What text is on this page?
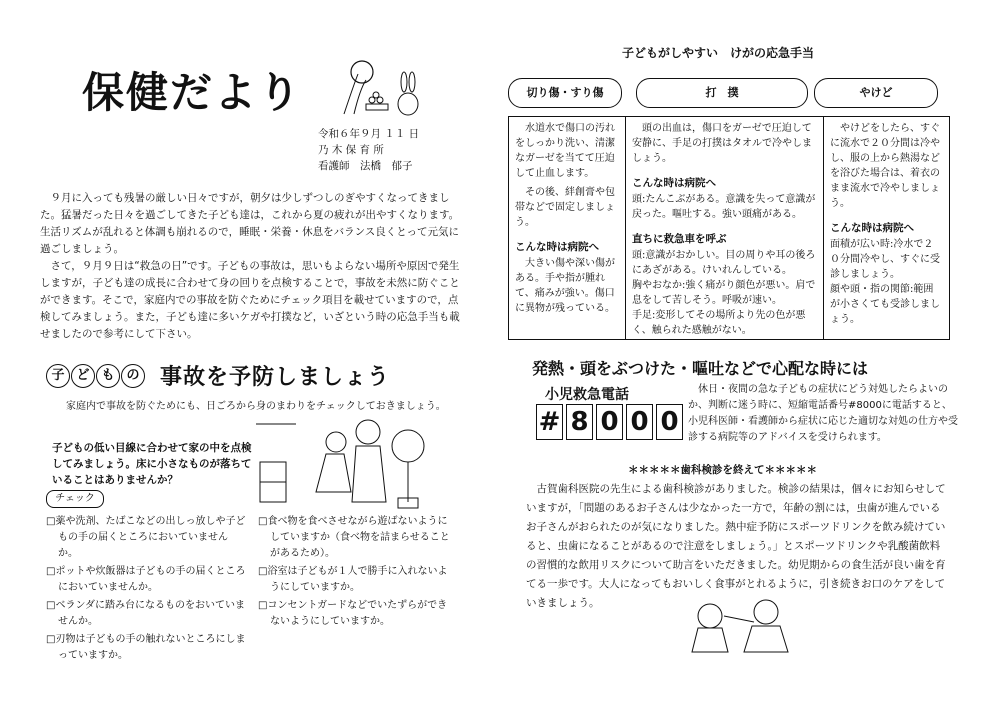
保健だより
令和６年９月 １１ 日
乃 木 保 育 所
看護師　法橋　郁子

９月に入っても残暑の厳しい日々ですが，朝夕は少しずつしのぎやすくなってきました。猛暑だった日々を過ごしてきた子ども達は，これから夏の疲れが出やすくなります。生活リズムが乱れると体調も崩れるので，睡眠・栄養・休息をバランス良くとって元気に過ごしましょう。

さて，９月９日は“救急の日”です。子どもの事故は，思いもよらない場所や原因で発生しますが，子ども達の成長に合わせて身の回りを点検することで，事故を未然に防ぐことができます。そこで，家庭内での事故を防ぐためにチェック項目を載せていますので，点検してみましょう。また，子ども達に多いケガや打撲など，いざという時の応急手当も載せましたので参考にして下さい。

子 ど も の 事故を予防しましょう
家庭内で事故を防ぐためにも、日ごろから身のまわりをチェックしておきましょう。
子どもの低い目線に合わせて家の中を点検してみましょう。床に小さなものが落ちていることはありませんか？
チェック
□ 薬や洗剤、たばこなどの出しっ放しや子どもの手の届くところにおいていませんか。
□ ポットや炊飯器は子どもの手の届くところにおいていませんか。
□ ベランダに踏み台になるものをおいていませんか。
□ 刃物は子どもの手の触れないところにしまっていますか。
□ 食べ物を食べさせながら遊ばないようにしていますか（食べ物を詰まらせることがあるため）。
□ 浴室は子どもが１人で勝手に入れないようにしていますか。
□ コンセントガードなどでいたずらができないようにしていますか。
子どもがしやすい　けがの応急手当
切り傷・すり傷	打　撲	やけど

水道水で傷口の汚れをしっかり洗い、清潔なガーゼを当てて圧迫して止血します。

その後、絆創膏や包帯などで固定しましょう。

こんな時は病院へ

大きい傷や深い傷がある。手や指が腫れて、痛みが強い。傷口に異物が残っている。

頭の出血は，傷口をガーゼで圧迫して安静に、手足の打撲はタオルで冷やしましょう。

こんな時は病院へ

頭:たんこぶがある。意識を失って意識が戻った。嘔吐する。強い頭痛がある。

直ちに救急車を呼ぶ

頭:意識がおかしい。目の周りや耳の後ろにあざがある。けいれんしている。

胸やおなか:強く痛がり顔色が悪い。肩で息をして苦しそう。呼吸が速い。

手足:変形してその場所より先の色が悪く、触られた感触がない。

やけどをしたら、すぐに流水で２０分間は冷やし、服の上から熱湯などを浴びた場合は、着衣のまま流水で冷やしましょう。

こんな時は病院へ

面積が広い時:冷水で２０分間冷やし、すぐに受診しましょう。

顔や頭・指の関節:範囲が小さくても受診しましょう。

発熱・頭をぶつけた・嘔吐などで心配な時には
小児救急電話
# 8 0 0 0

休日・夜間の急な子どもの症状にどう対処したらよいのか、判断に迷う時に、短縮電話番号#8000に電話すると、小児科医師・看護師から症状に応じた適切な対処の仕方や受診する病院等のアドバイスを受けられます。

＊＊＊＊＊歯科検診を終えて＊＊＊＊＊

古賀歯科医院の先生による歯科検診がありました。検診の結果は，個々にお知らせしていますが，「問題のあるお子さんは少なかった一方で，年齢の割には，虫歯が進んでいるお子さんがおられたのが気になりました。熱中症予防にスポーツドリンクを飲み続けていると、虫歯になることがあるので注意をしましょう。」とスポーツドリンクや乳酸菌飲料の習慣的な飲用リスクについて助言をいただきました。幼児期からの食生活が良い歯を育てる一歩です。大人になってもおいしく食事がとれるように，引き続きお口のケアをしていきましょう。
